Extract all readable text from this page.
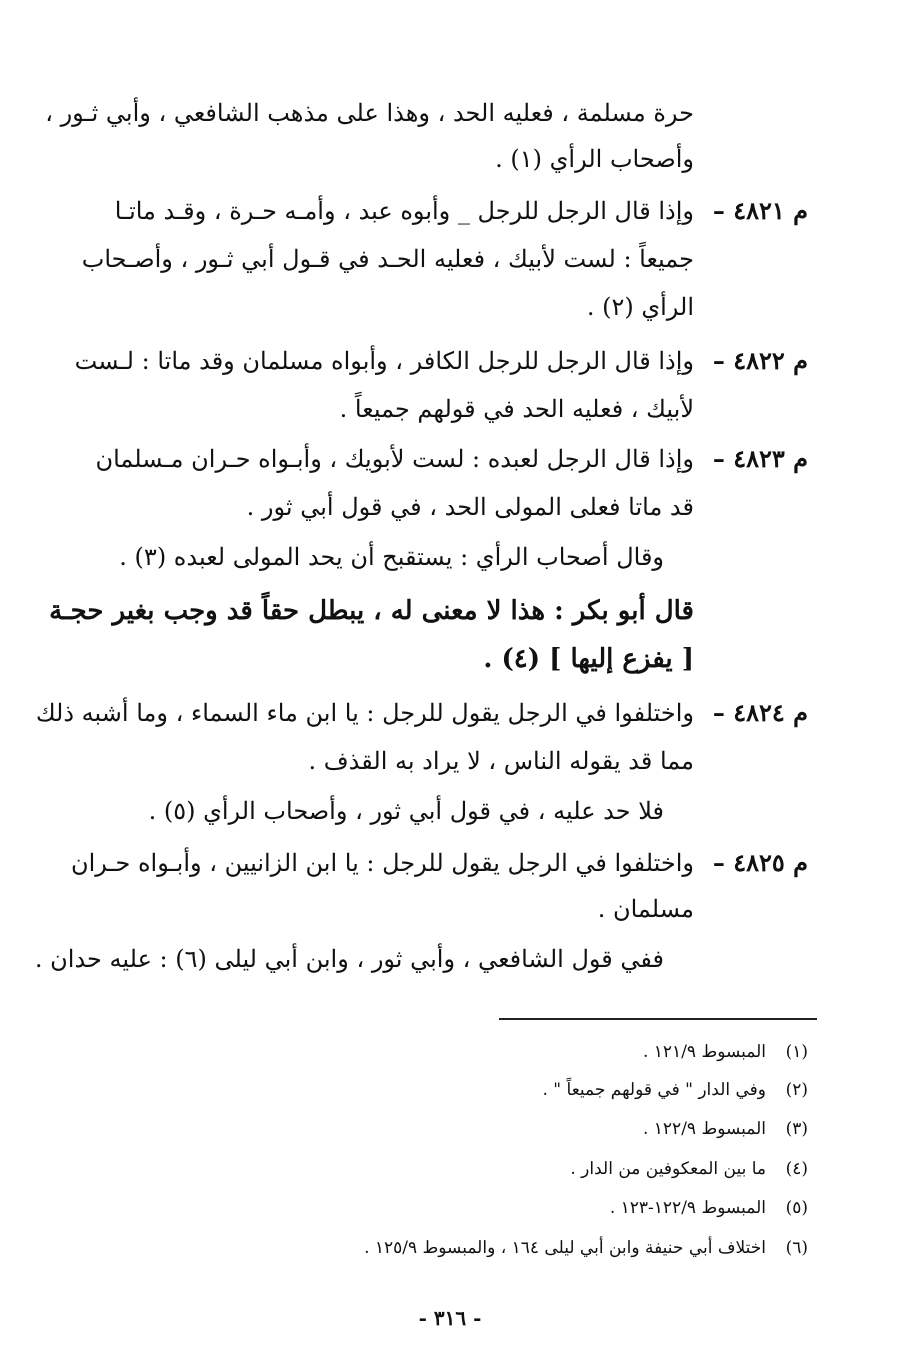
حرة مسلمة ، فعليه الحد ، وهذا على مذهب الشافعي ، وأبي ثـور ،
وأصحاب الرأي (١) .
م ٤٨٢١ –
وإذا قال الرجل للرجل _ وأبوه عبد ، وأمـه حـرة ، وقـد ماتـا
جميعاً : لست لأبيك ، فعليه الحـد في قـول أبي ثـور ، وأصـحاب
الرأي (٢) .
م ٤٨٢٢ –
وإذا قال الرجل للرجل الكافر ، وأبواه مسلمان وقد ماتا : لـست
لأبيك ، فعليه الحد في قولهم جميعاً .
م ٤٨٢٣ –
وإذا قال الرجل لعبده : لست لأبويك ، وأبـواه حـران مـسلمان
قد ماتا فعلى المولى الحد ، في قول أبي ثور .
وقال أصحاب الرأي : يستقبح أن يحد المولى لعبده (٣) .
قال أبو بكر : هذا لا معنى له ، يبطل حقاً قد وجب بغير حجـة
[ يفزع إليها ] (٤) .
م ٤٨٢٤ –
واختلفوا في الرجل يقول للرجل : يا ابن ماء السماء ، وما أشبه ذلك
مما قد يقوله الناس ، لا يراد به القذف .
فلا حد عليه ، في قول أبي ثور ، وأصحاب الرأي (٥) .
م ٤٨٢٥ –
واختلفوا في الرجل يقول للرجل : يا ابن الزانيين ، وأبـواه حـران
مسلمان .
ففي قول الشافعي ، وأبي ثور ، وابن أبي ليلى (٦) : عليه حدان .
(١)المبسوط ١٢١/٩ .
(٢)وفي الدار " في قولهم جميعاً " .
(٣)المبسوط ١٢٢/٩ .
(٤)ما بين المعكوفين من الدار .
(٥)المبسوط ١٢٢/٩-١٢٣ .
(٦)اختلاف أبي حنيفة وابن أبي ليلى ١٦٤ ، والمبسوط ١٢٥/٩ .
- ٣١٦ -
